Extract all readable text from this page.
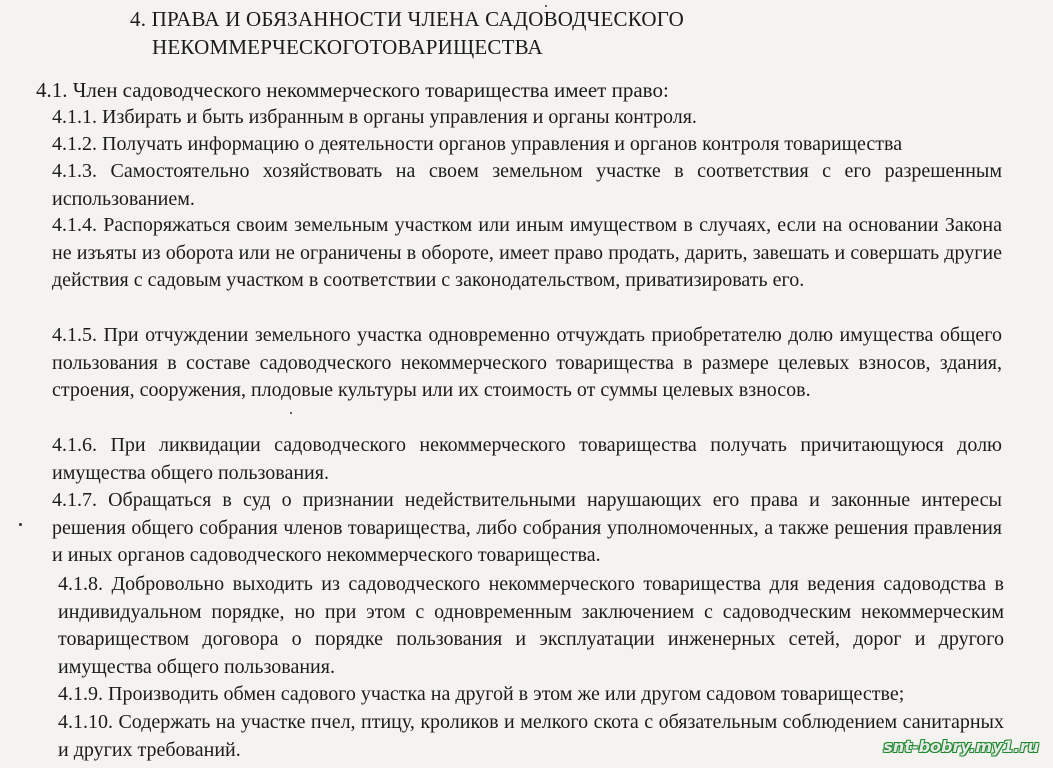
4. ПРАВА И ОБЯЗАННОСТИ ЧЛЕНА САДОВОДЧЕСКОГО
НЕКОММЕРЧЕСКОГОТОВАРИЩЕСТВА
4.1. Член садоводческого некоммерческого товарищества имеет право:
4.1.1. Избирать и быть избранным в органы управления и органы контроля.
4.1.2. Получать информацию о деятельности органов управления и органов контроля товарищества
4.1.3. Самостоятельно хозяйствовать на своем земельном участке в соответствия с его разрешенным использованием.
4.1.4. Распоряжаться своим земельным участком или иным имуществом в случаях, если на основании Закона не изъяты из оборота или не ограничены в обороте, имеет право продать, дарить, завешать и совершать другие действия с садовым участком в соответствии с законодательством, приватизировать его.
4.1.5. При отчуждении земельного участка одновременно отчуждать приобретателю долю имущества общего пользования в составе садоводческого некоммерческого товарищества в размере целевых взносов, здания, строения, сооружения, плодовые культуры или их стоимость от суммы целевых взносов.
4.1.6. При ликвидации садоводческого некоммерческого товарищества получать причитающуюся долю имущества общего пользования.
4.1.7. Обращаться в суд о признании недействительными нарушающих его права и законные интересы решения общего собрания членов товарищества, либо собрания уполномоченных, а также решения правления и иных органов садоводческого некоммерческого товарищества.
4.1.8. Добровольно выходить из садоводческого некоммерческого товарищества для ведения садоводства в индивидуальном порядке, но при этом с одновременным заключением с садоводческим некоммерческим товариществом договора о порядке пользования и эксплуатации инженерных сетей, дорог и другого имущества общего пользования.
4.1.9. Производить обмен садового участка на другой в этом же или другом садовом товариществе;
4.1.10. Содержать на участке пчел, птицу, кроликов и мелкого скота с обязательным соблюдением санитарных и других требований.	snt-bobry.my1.ru
